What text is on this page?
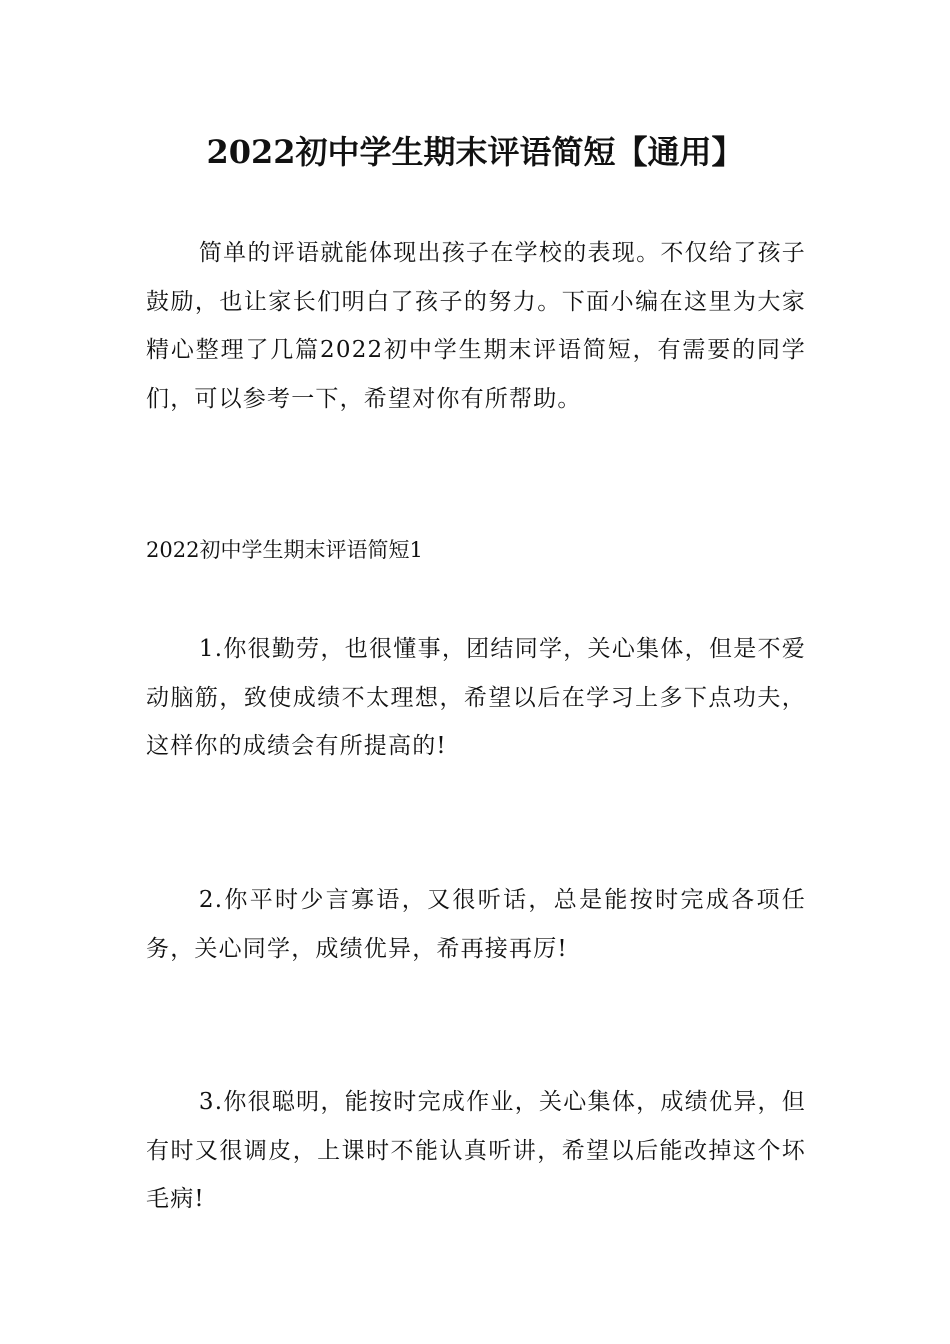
2022初中学生期末评语简短【通用】

简单的评语就能体现出孩子在学校的表现。不仅给了孩子鼓励，也让家长们明白了孩子的努力。下面小编在这里为大家精心整理了几篇2022初中学生期末评语简短，有需要的同学们，可以参考一下，希望对你有所帮助。

2022初中学生期末评语简短1

1.你很勤劳，也很懂事，团结同学，关心集体，但是不爱动脑筋，致使成绩不太理想，希望以后在学习上多下点功夫，这样你的成绩会有所提高的!

2.你平时少言寡语，又很听话，总是能按时完成各项任务，关心同学，成绩优异，希再接再厉!

3.你很聪明，能按时完成作业，关心集体，成绩优异，但有时又很调皮，上课时不能认真听讲，希望以后能改掉这个坏毛病!
